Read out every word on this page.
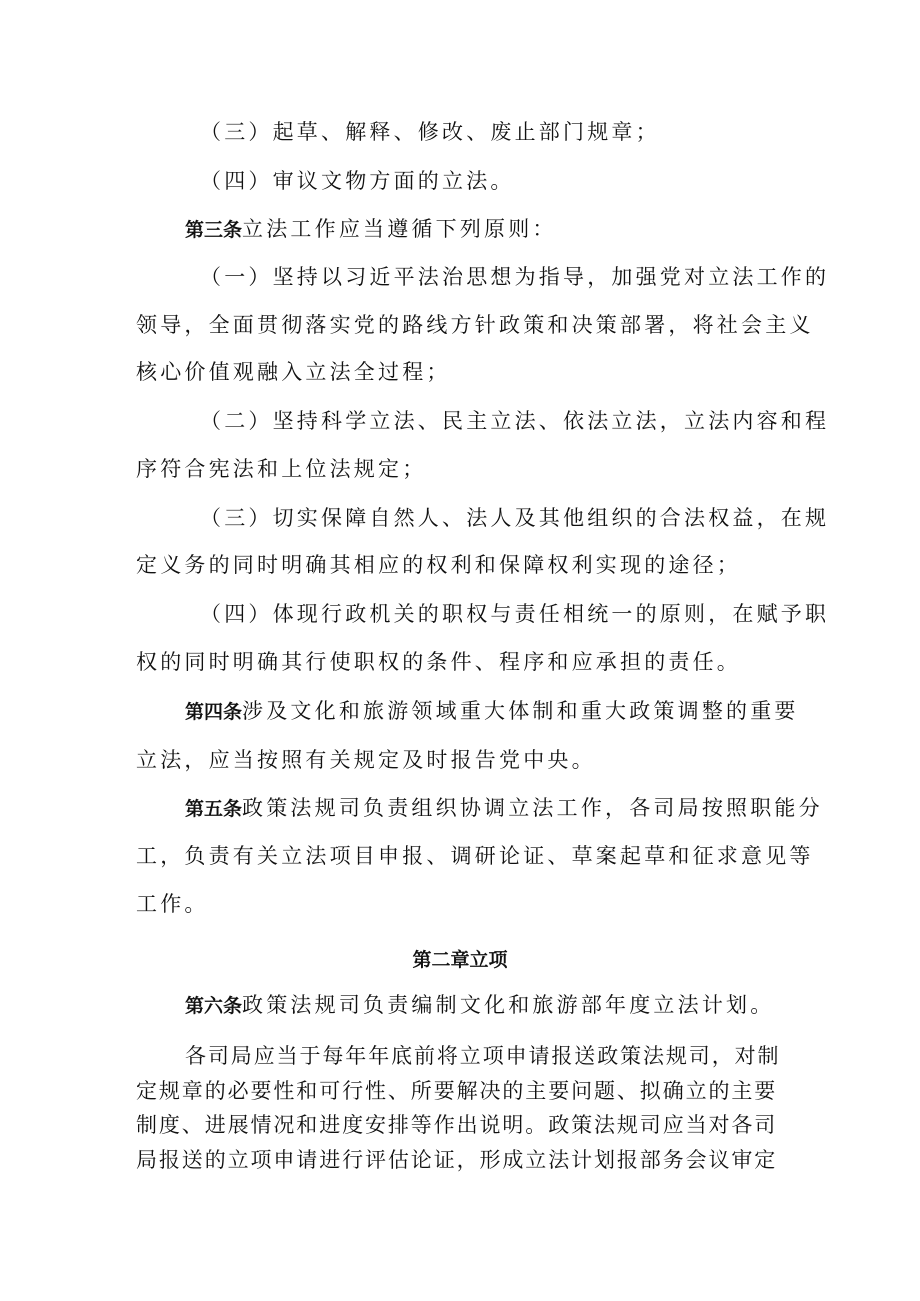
（三）起草、解释、修改、废止部门规章；
（四）审议文物方面的立法。
第三条立法工作应当遵循下列原则：
（一）坚持以习近平法治思想为指导，加强党对立法工作的
领导，全面贯彻落实党的路线方针政策和决策部署，将社会主义
核心价值观融入立法全过程；
（二）坚持科学立法、民主立法、依法立法，立法内容和程
序符合宪法和上位法规定；
（三）切实保障自然人、法人及其他组织的合法权益，在规
定义务的同时明确其相应的权利和保障权利实现的途径；
（四）体现行政机关的职权与责任相统一的原则，在赋予职
权的同时明确其行使职权的条件、程序和应承担的责任。
第四条涉及文化和旅游领域重大体制和重大政策调整的重要
立法，应当按照有关规定及时报告党中央。
第五条政策法规司负责组织协调立法工作，各司局按照职能分
工，负责有关立法项目申报、调研论证、草案起草和征求意见等
工作。
第二章立项
第六条政策法规司负责编制文化和旅游部年度立法计划。
各司局应当于每年年底前将立项申请报送政策法规司，对制
定规章的必要性和可行性、所要解决的主要问题、拟确立的主要
制度、进展情况和进度安排等作出说明。政策法规司应当对各司
局报送的立项申请进行评估论证，形成立法计划报部务会议审定
